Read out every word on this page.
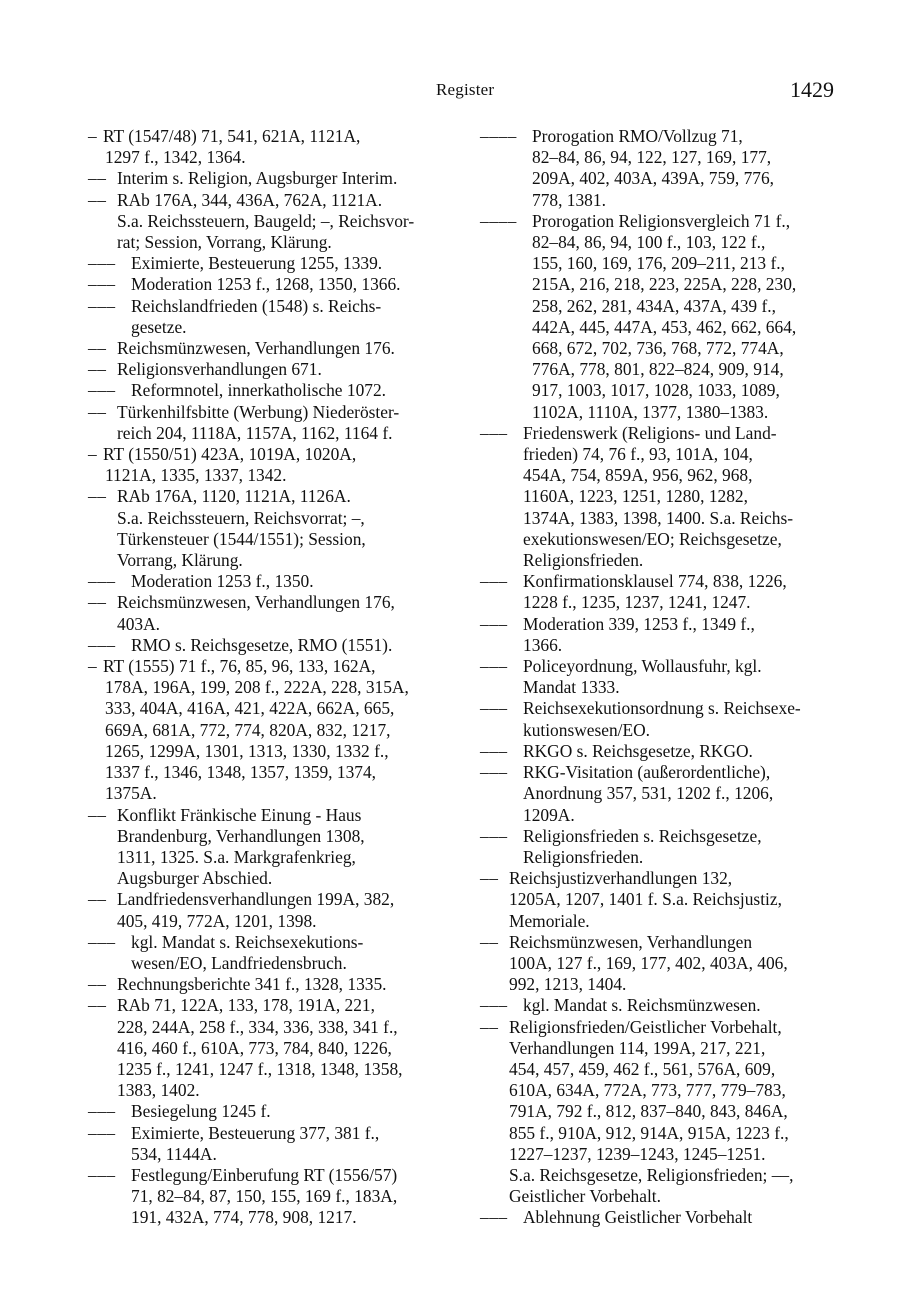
Register	1429
– RT (1547/48) 71, 541, 621A, 1121A,
1297 f., 1342, 1364.
–– Interim s. Religion, Augsburger Interim.
–– RAb 176A, 344, 436A, 762A, 1121A.
S.a. Reichssteuern, Baugeld; –, Reichsvor-
rat; Session, Vorrang, Klärung.
––– Eximierte, Besteuerung 1255, 1339.
––– Moderation 1253 f., 1268, 1350, 1366.
––– Reichslandfrieden (1548) s. Reichs-
gesetze.
–– Reichsmünzwesen, Verhandlungen 176.
–– Religionsverhandlungen 671.
––– Reformnotel, innerkatholische 1072.
–– Türkenhilfsbitte (Werbung) Niederöster-
reich 204, 1118A, 1157A, 1162, 1164 f.
– RT (1550/51) 423A, 1019A, 1020A,
1121A, 1335, 1337, 1342.
–– RAb 176A, 1120, 1121A, 1126A.
S.a. Reichssteuern, Reichsvorrat; –,
Türkensteuer (1544/1551); Session,
Vorrang, Klärung.
––– Moderation 1253 f., 1350.
–– Reichsmünzwesen, Verhandlungen 176,
403A.
––– RMO s. Reichsgesetze, RMO (1551).
– RT (1555) 71 f., 76, 85, 96, 133, 162A,
178A, 196A, 199, 208 f., 222A, 228, 315A,
333, 404A, 416A, 421, 422A, 662A, 665,
669A, 681A, 772, 774, 820A, 832, 1217,
1265, 1299A, 1301, 1313, 1330, 1332 f.,
1337 f., 1346, 1348, 1357, 1359, 1374,
1375A.
–– Konflikt Fränkische Einung - Haus
Brandenburg, Verhandlungen 1308,
1311, 1325. S.a. Markgrafenkrieg,
Augsburger Abschied.
–– Landfriedensverhandlungen 199A, 382,
405, 419, 772A, 1201, 1398.
––– kgl. Mandat s. Reichsexekutions-
wesen/EO, Landfriedensbruch.
–– Rechnungsberichte 341 f., 1328, 1335.
–– RAb 71, 122A, 133, 178, 191A, 221,
228, 244A, 258 f., 334, 336, 338, 341 f.,
416, 460 f., 610A, 773, 784, 840, 1226,
1235 f., 1241, 1247 f., 1318, 1348, 1358,
1383, 1402.
––– Besiegelung 1245 f.
––– Eximierte, Besteuerung 377, 381 f.,
534, 1144A.
––– Festlegung/Einberufung RT (1556/57)
71, 82–84, 87, 150, 155, 169 f., 183A,
191, 432A, 774, 778, 908, 1217.
–––– Prorogation RMO/Vollzug 71,
82–84, 86, 94, 122, 127, 169, 177,
209A, 402, 403A, 439A, 759, 776,
778, 1381.
–––– Prorogation Religionsvergleich 71 f.,
82–84, 86, 94, 100 f., 103, 122 f.,
155, 160, 169, 176, 209–211, 213 f.,
215A, 216, 218, 223, 225A, 228, 230,
258, 262, 281, 434A, 437A, 439 f.,
442A, 445, 447A, 453, 462, 662, 664,
668, 672, 702, 736, 768, 772, 774A,
776A, 778, 801, 822–824, 909, 914,
917, 1003, 1017, 1028, 1033, 1089,
1102A, 1110A, 1377, 1380–1383.
––– Friedenswerk (Religions- und Land-
frieden) 74, 76 f., 93, 101A, 104,
454A, 754, 859A, 956, 962, 968,
1160A, 1223, 1251, 1280, 1282,
1374A, 1383, 1398, 1400. S.a. Reichs-
exekutionswesen/EO; Reichsgesetze,
Religionsfrieden.
––– Konfirmationsklausel 774, 838, 1226,
1228 f., 1235, 1237, 1241, 1247.
––– Moderation 339, 1253 f., 1349 f.,
1366.
––– Policeyordnung, Wollausfuhr, kgl.
Mandat 1333.
––– Reichsexekutionsordnung s. Reichsexe-
kutionswesen/EO.
––– RKGO s. Reichsgesetze, RKGO.
––– RKG-Visitation (außerordentliche),
Anordnung 357, 531, 1202 f., 1206,
1209A.
––– Religionsfrieden s. Reichsgesetze,
Religionsfrieden.
–– Reichsjustizverhandlungen 132,
1205A, 1207, 1401 f. S.a. Reichsjustiz,
Memoriale.
–– Reichsmünzwesen, Verhandlungen
100A, 127 f., 169, 177, 402, 403A, 406,
992, 1213, 1404.
––– kgl. Mandat s. Reichsmünzwesen.
–– Religionsfrieden/Geistlicher Vorbehalt,
Verhandlungen 114, 199A, 217, 221,
454, 457, 459, 462 f., 561, 576A, 609,
610A, 634A, 772A, 773, 777, 779–783,
791A, 792 f., 812, 837–840, 843, 846A,
855 f., 910A, 912, 914A, 915A, 1223 f.,
1227–1237, 1239–1243, 1245–1251.
S.a. Reichsgesetze, Religionsfrieden; ––,
Geistlicher Vorbehalt.
––– Ablehnung Geistlicher Vorbehalt
